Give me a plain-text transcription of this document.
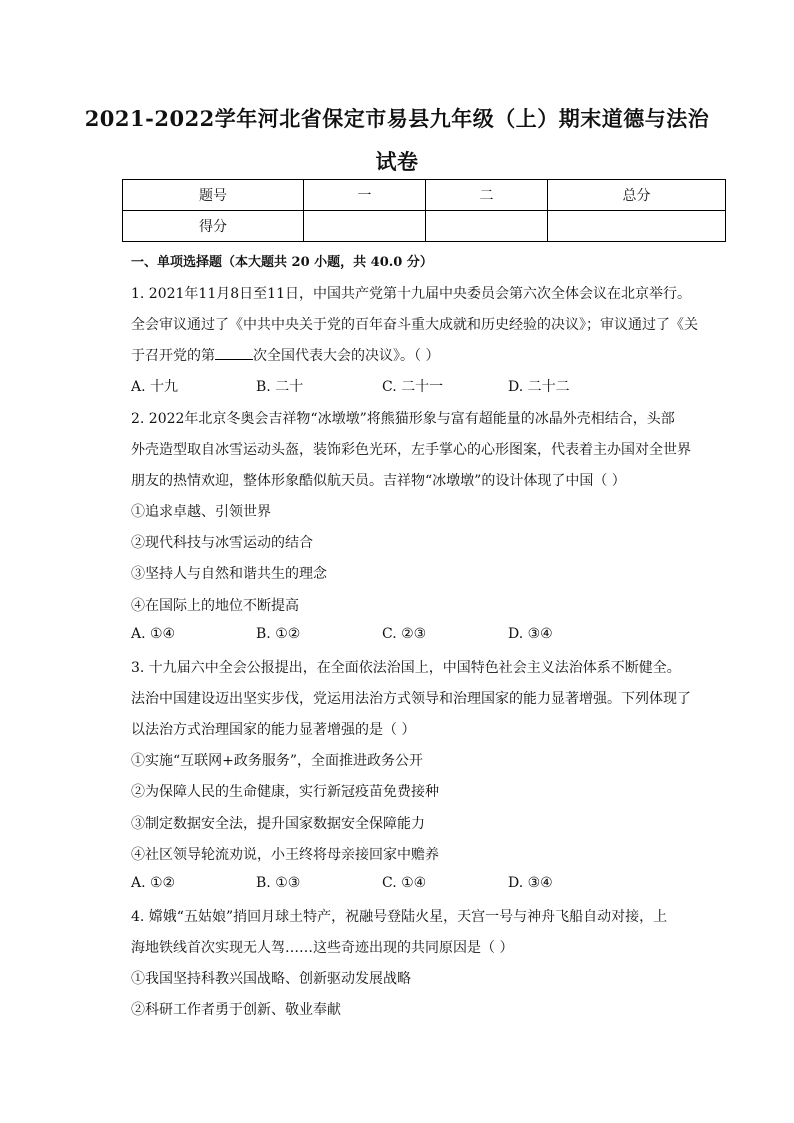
2021-2022学年河北省保定市易县九年级（上）期末道德与法治
试卷
题号	一	二	总分
得分			
一、单项选择题（本大题共 20 小题，共 40.0 分）
1. 2021年11月8日至11日，中国共产党第十九届中央委员会第六次全体会议在北京举行。
全会审议通过了《中共中央关于党的百年奋斗重大成就和历史经验的决议》；审议通过了《关
于召开党的第	次全国代表大会的决议》。（ ）
A. 十九	B. 二十	C. 二十一	D. 二十二
2. 2022年北京冬奥会吉祥物“冰墩墩”将熊猫形象与富有超能量的冰晶外壳相结合，头部
外壳造型取自冰雪运动头盔，装饰彩色光环，左手掌心的心形图案，代表着主办国对全世界
朋友的热情欢迎，整体形象酷似航天员。吉祥物“冰墩墩”的设计体现了中国（ ）
①追求卓越、引领世界
②现代科技与冰雪运动的结合
③坚持人与自然和谐共生的理念
④在国际上的地位不断提高
A. ①④	B. ①②	C. ②③	D. ③④
3. 十九届六中全会公报提出，在全面依法治国上，中国特色社会主义法治体系不断健全。
法治中国建设迈出坚实步伐，党运用法治方式领导和治理国家的能力显著增强。下列体现了
以法治方式治理国家的能力显著增强的是（ ）
①实施“互联网+政务服务”，全面推进政务公开
②为保障人民的生命健康，实行新冠疫苗免费接种
③制定数据安全法，提升国家数据安全保障能力
④社区领导轮流劝说，小王终将母亲接回家中赡养
A. ①②	B. ①③	C. ①④	D. ③④
4. 嫦娥“五姑娘”捎回月球土特产，祝融号登陆火星，天宫一号与神舟飞船自动对接，上
海地铁线首次实现无人驾……这些奇迹出现的共同原因是（ ）
①我国坚持科教兴国战略、创新驱动发展战略
②科研工作者勇于创新、敬业奉献
